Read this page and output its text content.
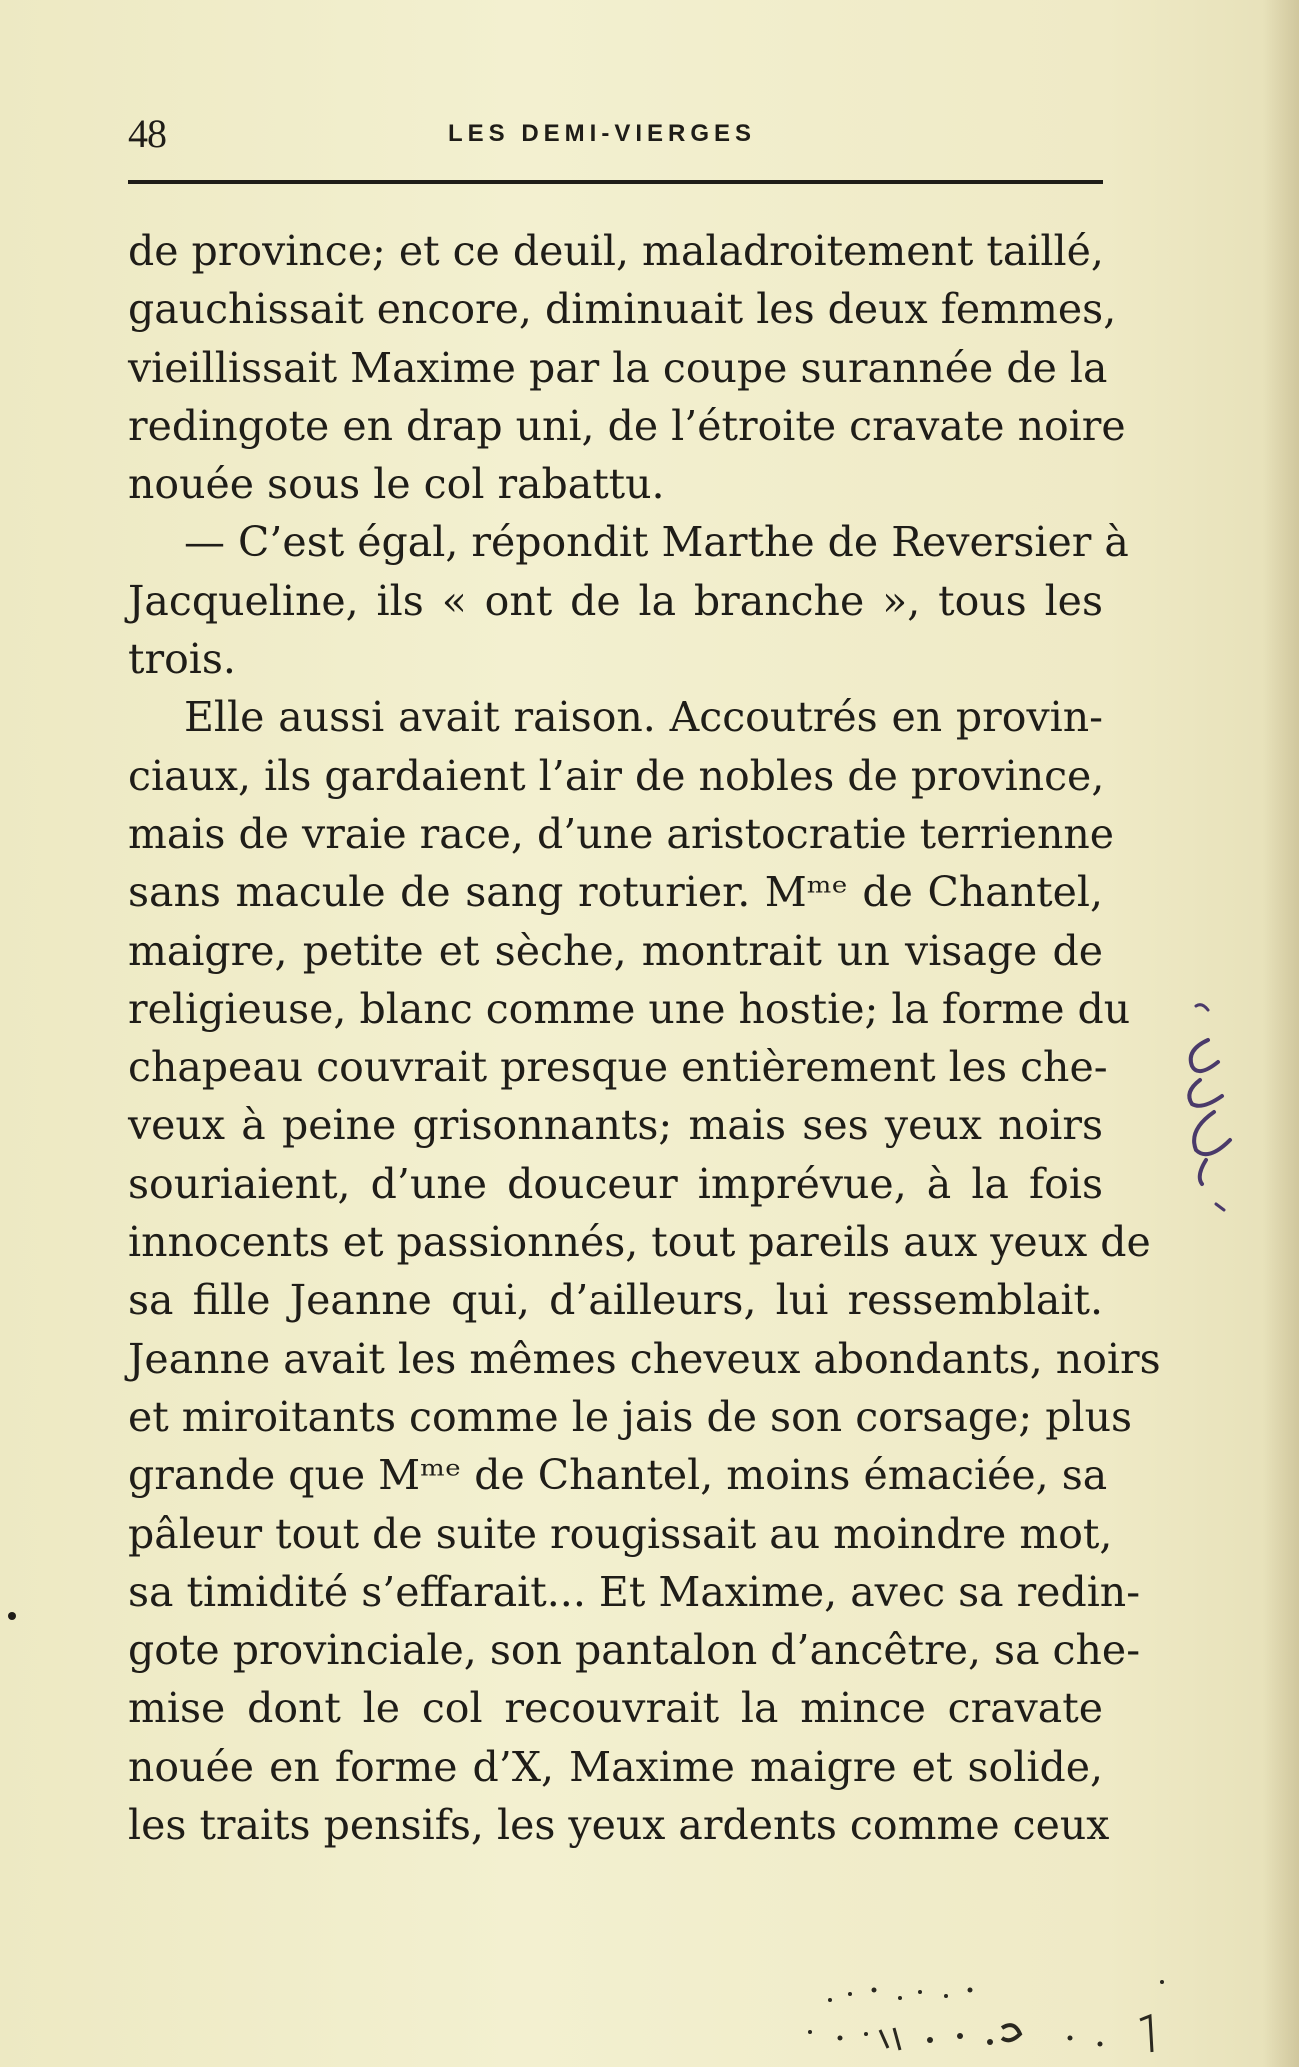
48	LES DEMI-VIERGES
de province; et ce deuil, maladroitement taillé,
gauchissait encore, diminuait les deux femmes,
vieillissait Maxime par la coupe surannée de la
redingote en drap uni, de l’étroite cravate noire
nouée sous le col rabattu.
— C’est égal, répondit Marthe de Reversier à
Jacqueline, ils « ont de la branche », tous les
trois.
Elle aussi avait raison. Accoutrés en provin-
ciaux, ils gardaient l’air de nobles de province,
mais de vraie race, d’une aristocratie terrienne
sans macule de sang roturier. Mᵐᵉ de Chantel,
maigre, petite et sèche, montrait un visage de
religieuse, blanc comme une hostie; la forme du
chapeau couvrait presque entièrement les che-
veux à peine grisonnants; mais ses yeux noirs
souriaient, d’une douceur imprévue, à la fois
innocents et passionnés, tout pareils aux yeux de
sa fille Jeanne qui, d’ailleurs, lui ressemblait.
Jeanne avait les mêmes cheveux abondants, noirs
et miroitants comme le jais de son corsage; plus
grande que Mᵐᵉ de Chantel, moins émaciée, sa
pâleur tout de suite rougissait au moindre mot,
sa timidité s’effarait... Et Maxime, avec sa redin-
gote provinciale, son pantalon d’ancêtre, sa che-
mise dont le col recouvrait la mince cravate
nouée en forme d’X, Maxime maigre et solide,
les traits pensifs, les yeux ardents comme ceux
